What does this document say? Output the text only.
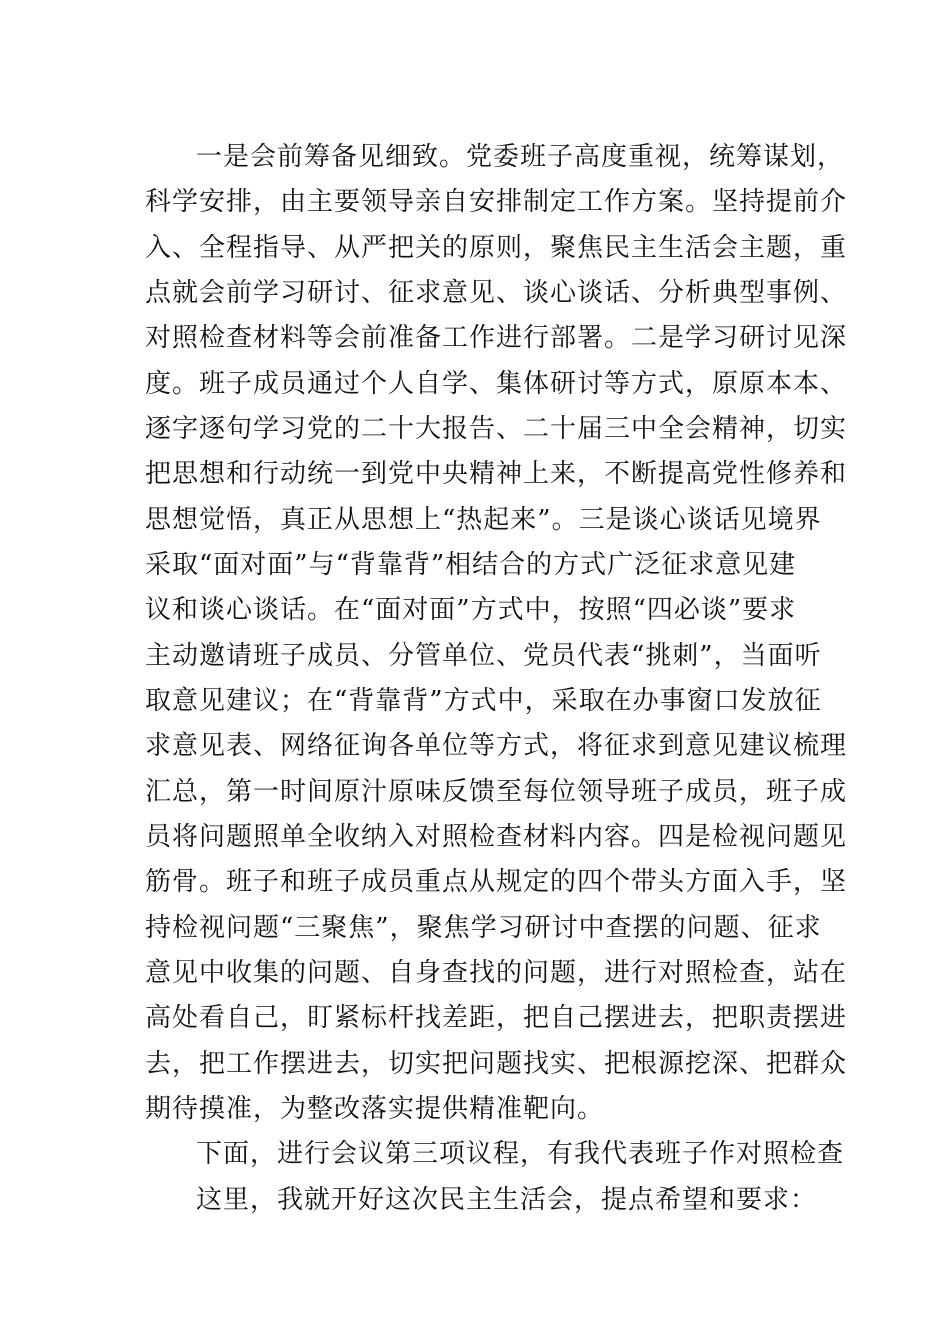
一是会前筹备见细致。党委班子高度重视，统筹谋划，
科学安排，由主要领导亲自安排制定工作方案。坚持提前介
入、全程指导、从严把关的原则，聚焦民主生活会主题，重
点就会前学习研讨、征求意见、谈心谈话、分析典型事例、
对照检查材料等会前准备工作进行部署。二是学习研讨见深
度。班子成员通过个人自学、集体研讨等方式，原原本本、
逐字逐句学习党的二十大报告、二十届三中全会精神，切实
把思想和行动统一到党中央精神上来，不断提高党性修养和
思想觉悟，真正从思想上“热起来”。三是谈心谈话见境界
采取“面对面”与“背靠背”相结合的方式广泛征求意见建
议和谈心谈话。在“面对面”方式中，按照“四必谈”要求
主动邀请班子成员、分管单位、党员代表“挑刺”，当面听
取意见建议；在“背靠背”方式中，采取在办事窗口发放征
求意见表、网络征询各单位等方式，将征求到意见建议梳理
汇总，第一时间原汁原味反馈至每位领导班子成员，班子成
员将问题照单全收纳入对照检查材料内容。四是检视问题见
筋骨。班子和班子成员重点从规定的四个带头方面入手，坚
持检视问题“三聚焦”，聚焦学习研讨中查摆的问题、征求
意见中收集的问题、自身查找的问题，进行对照检查，站在
高处看自己，盯紧标杆找差距，把自己摆进去，把职责摆进
去，把工作摆进去，切实把问题找实、把根源挖深、把群众
期待摸准，为整改落实提供精准靶向。
下面，进行会议第三项议程，有我代表班子作对照检查
这里，我就开好这次民主生活会，提点希望和要求：
